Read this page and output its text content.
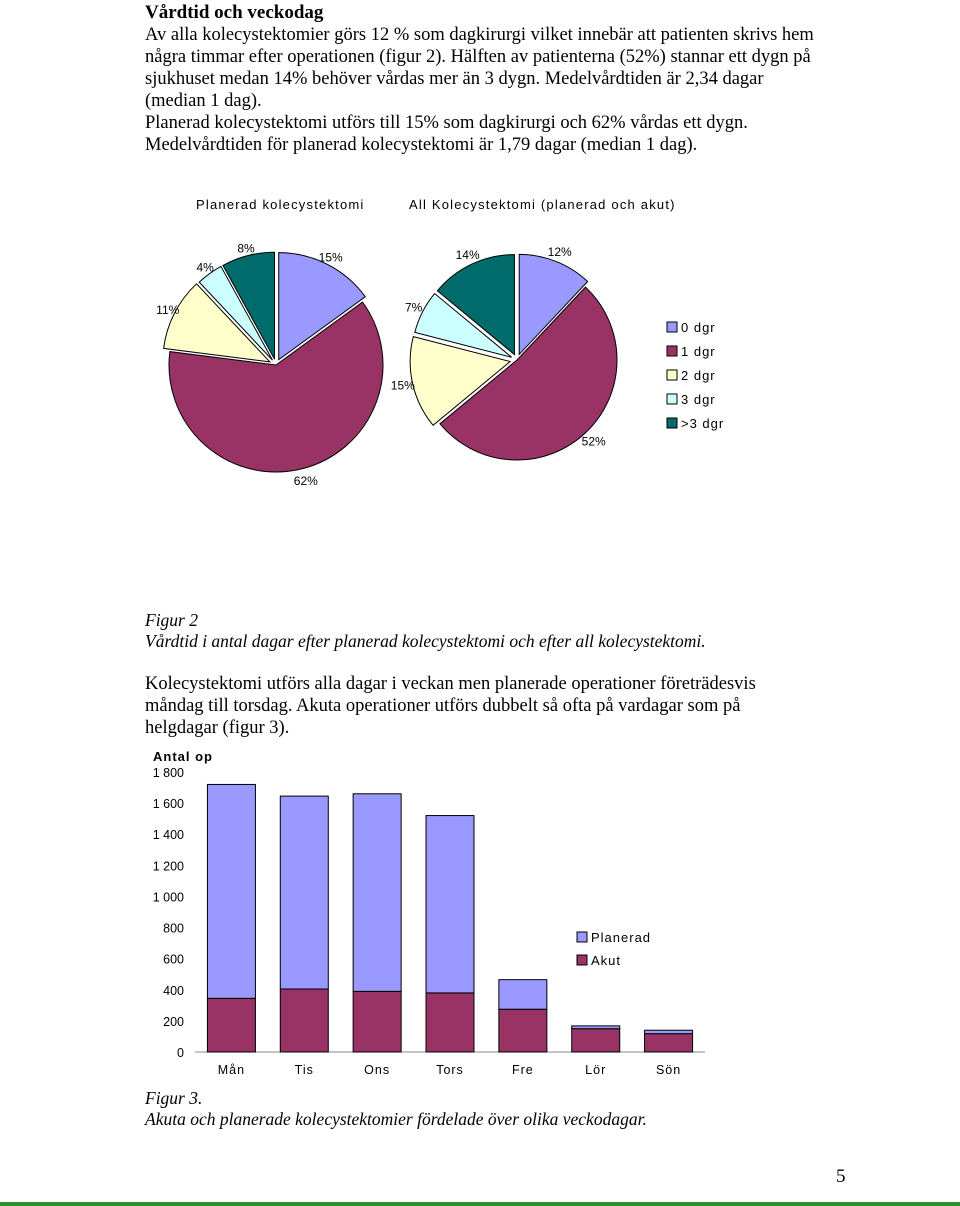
Vårdtid och veckodag
Av alla kolecystektomier görs 12 % som dagkirurgi vilket innebär att patienten skrivs hem
några timmar efter operationen (figur 2). Hälften av patienterna (52%) stannar ett dygn på
sjukhuset medan 14% behöver vårdas mer än 3 dygn. Medelvårdtiden är 2,34 dagar
(median 1 dag).
Planerad kolecystektomi utförs till 15% som dagkirurgi och 62% vårdas ett dygn.
Medelvårdtiden för planerad kolecystektomi är 1,79 dagar (median 1 dag).
Planerad kolecystektomi	All Kolecystektomi (planerad och akut)
15%
62%
11%
4%
8%	12%
52%
15%
7%
14%
0 dgr
1 dgr
2 dgr
3 dgr
>3 dgr
Figur 2
Vårdtid i antal dagar efter planerad kolecystektomi och efter all kolecystektomi.
Kolecystektomi utförs alla dagar i veckan men planerade operationer företrädesvis
måndag till torsdag. Akuta operationer utförs dubbelt så ofta på vardagar som på
helgdagar (figur 3).
Antal op
0
200
400
600
800
1 000
1 200
1 400
1 600
1 800
Mån	Tis	Ons	Tors	Fre	Lör	Sön
Planerad
Akut
Figur 3.
Akuta och planerade kolecystektomier fördelade över olika veckodagar.
5
